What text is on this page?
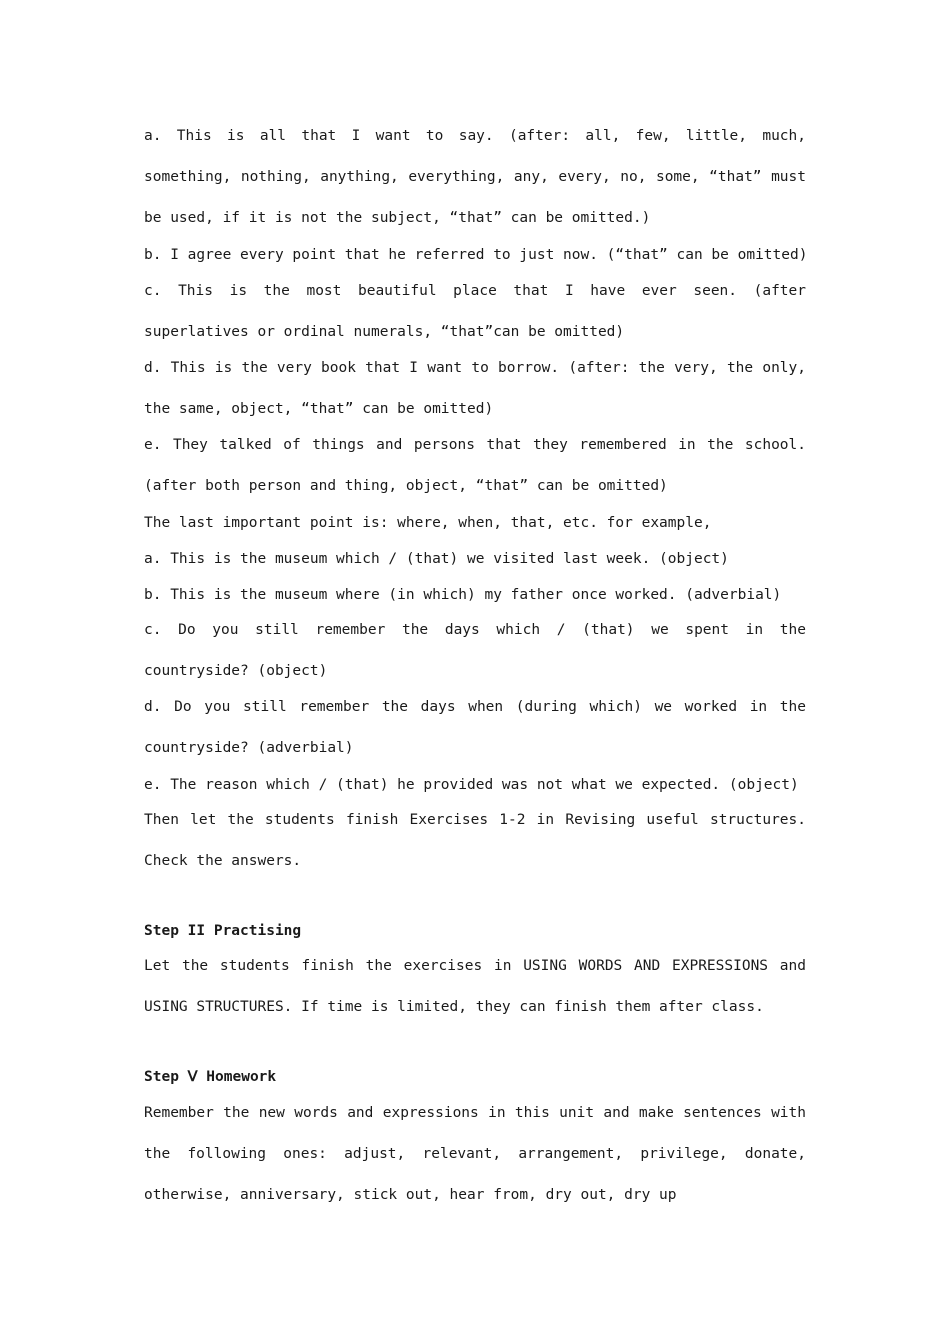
a. This is all that I want to say. (after: all, few, little, much, something, nothing, anything, everything, any, every, no, some, “that” must be used, if it is not the subject, “that” can be omitted.)

b. I agree every point that he referred to just now. (“that” can be omitted)

c. This is the most beautiful place that I have ever seen. (after superlatives or ordinal numerals, “that”can be omitted)

d. This is the very book that I want to borrow. (after: the very, the only, the same, object, “that” can be omitted)

e. They talked of things and persons that they remembered in the school. (after both person and thing, object, “that” can be omitted)

The last important point is: where, when, that, etc. for example,

a. This is the museum which / (that) we visited last week. (object)

b. This is the museum where (in which) my father once worked. (adverbial)

c. Do you still remember the days which / (that) we spent in the countryside? (object)

d. Do you still remember the days when (during which) we worked in the countryside? (adverbial)

e. The reason which / (that) he provided was not what we expected. (object)

Then let the students finish Exercises 1-2 in Revising useful structures. Check the answers.

Step II Practising

Let the students finish the exercises in USING WORDS AND EXPRESSIONS and USING STRUCTURES. If time is limited, they can finish them after class.

Step Ⅴ Homework

Remember the new words and expressions in this unit and make sentences with the following ones: adjust, relevant, arrangement, privilege, donate, otherwise, anniversary, stick out, hear from, dry out, dry up
